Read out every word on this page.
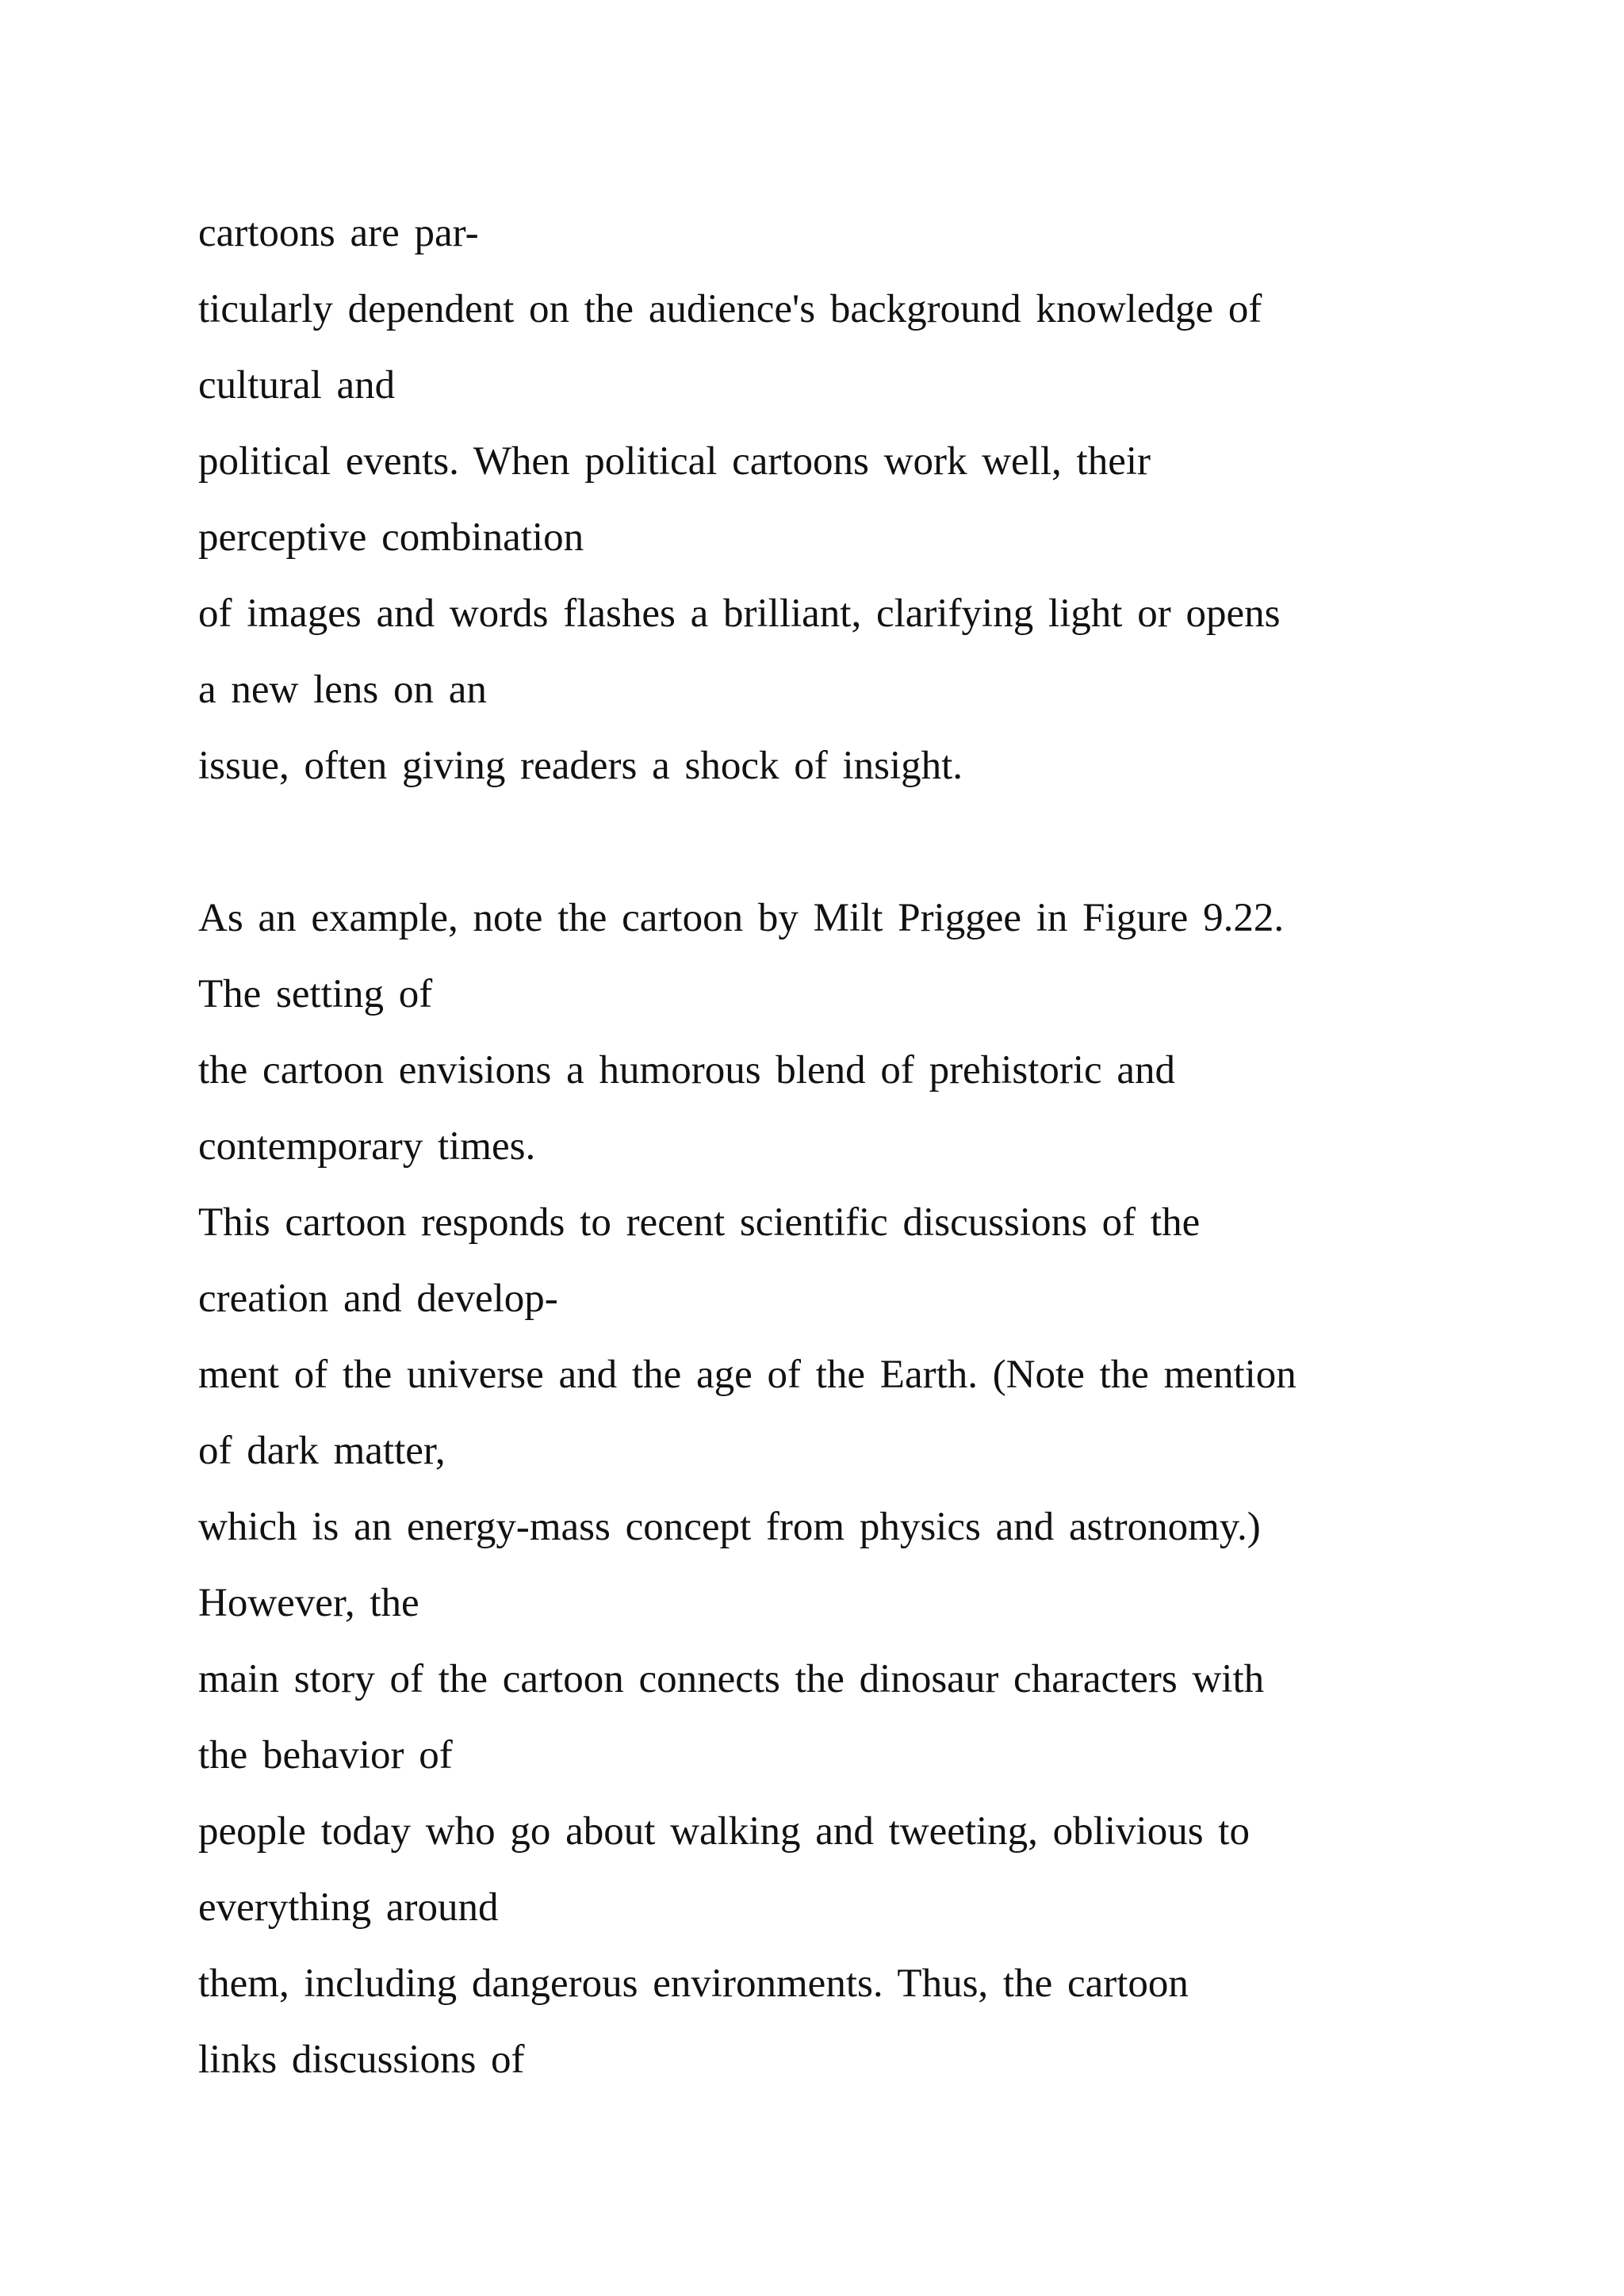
cartoons are par-
ticularly dependent on the audience's background knowledge of
cultural and
political events. When political cartoons work well, their
perceptive combination
of images and words flashes a brilliant, clarifying light or opens
a new lens on an
issue, often giving readers a shock of insight.
As an example, note the cartoon by Milt Priggee in Figure 9.22.
The setting of
the cartoon envisions a humorous blend of prehistoric and
contemporary times.
This cartoon responds to recent scientific discussions of the
creation and develop-
ment of the universe and the age of the Earth. (Note the mention
of dark matter,
which is an energy-mass concept from physics and astronomy.)
However, the
main story of the cartoon connects the dinosaur characters with
the behavior of
people today who go about walking and tweeting, oblivious to
everything around
them, including dangerous environments. Thus, the cartoon
links discussions of
